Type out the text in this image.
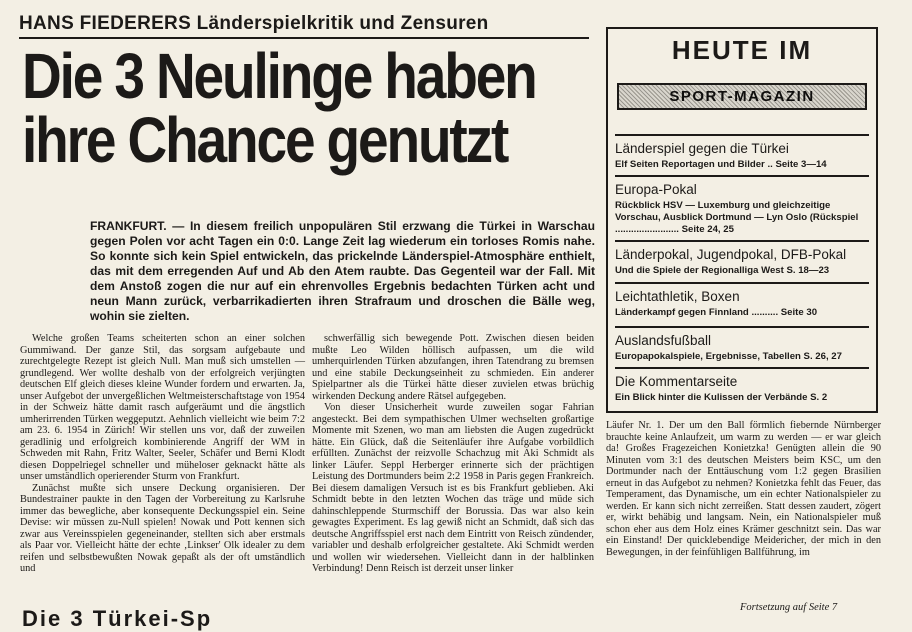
HANS FIEDERERS Länderspielkritik und Zensuren
Die 3 Neulinge haben
ihre Chance genutzt
FRANKFURT. — In diesem freilich unpopulären Stil erzwang die Türkei in Warschau gegen Polen vor acht Tagen ein 0:0. Lange Zeit lag wiederum ein torloses Romis nahe. So konnte sich kein Spiel entwickeln, das prickelnde Länderspiel-Atmosphäre enthielt, das mit dem erregenden Auf und Ab den Atem raubte. Das Gegenteil war der Fall. Mit dem Anstoß zogen die nur auf ein ehrenvolles Ergebnis bedachten Türken acht und neun Mann zurück, verbarrikadierten ihren Strafraum und droschen die Bälle weg, wohin sie zielten.

Welche großen Teams scheiterten schon an einer solchen Gummiwand. Der ganze Stil, das sorgsam aufgebaute und zurechtgelegte Rezept ist gleich Null. Man muß sich umstellen — grundlegend. Wer wollte deshalb von der erfolgreich verjüngten deutschen Elf gleich dieses kleine Wunder fordern und erwarten. Ja, unser Aufgebot der unvergeßlichen Weltmeisterschaftstage von 1954 in der Schweiz hätte damit rasch aufgeräumt und die ängstlich umherirrenden Türken weggeputzt. Aehnlich vielleicht wie beim 7:2 am 23. 6. 1954 in Zürich! Wir stellen uns vor, daß der zuweilen geradlinig und erfolgreich kombinierende Angriff der WM in Schweden mit Rahn, Fritz Walter, Seeler, Schäfer und Berni Klodt diesen Doppelriegel schneller und müheloser geknackt hätte als unser umständlich operierender Sturm von Frankfurt.

Zunächst mußte sich unsere Deckung organisieren. Der Bundestrainer paukte in den Tagen der Vorbereitung zu Karlsruhe immer das bewegliche, aber konsequente Deckungsspiel ein. Seine Devise: wir müssen zu-Null spielen! Nowak und Pott kennen sich zwar aus Vereinsspielen gegeneinander, stellten sich aber erstmals als Paar vor. Vielleicht hätte der echte ‚Linkser' Olk idealer zu dem reifen und selbstbewußten Nowak gepaßt als der oft umständlich und

schwerfällig sich bewegende Pott. Zwischen diesen beiden mußte Leo Wilden höllisch aufpassen, um die wild umherquirlenden Türken abzufangen, ihren Tatendrang zu bremsen und eine stabile Deckungseinheit zu schmieden. Ein anderer Spielpartner als die Türkei hätte dieser zuvielen etwas brüchig wirkenden Deckung andere Rätsel aufgegeben.

Von dieser Unsicherheit wurde zuweilen sogar Fahrian angesteckt. Bei dem sympathischen Ulmer wechselten großartige Momente mit Szenen, wo man am liebsten die Augen zugedrückt hätte. Ein Glück, daß die Seitenläufer ihre Aufgabe vorbildlich erfüllten. Zunächst der reizvolle Schachzug mit Aki Schmidt als linker Läufer. Seppl Herberger erinnerte sich der prächtigen Leistung des Dortmunders beim 2:2 1958 in Paris gegen Frankreich. Bei diesem damaligen Versuch ist es bis Frankfurt geblieben. Aki Schmidt bebte in den letzten Wochen das träge und müde sich dahinschleppende Sturmschiff der Borussia. Das war also kein gewagtes Experiment. Es lag gewiß nicht an Schmidt, daß sich das deutsche Angriffsspiel erst nach dem Eintritt von Reisch zündender, variabler und deshalb erfolgreicher gestaltete. Aki Schmidt werden und wollen wir wiedersehen. Vielleicht dann in der halblinken Verbindung! Denn Reisch ist derzeit unser linker

Läufer Nr. 1. Der um den Ball förmlich fiebernde Nürnberger brauchte keine Anlaufzeit, um warm zu werden — er war gleich da! Großes Fragezeichen Konietzka! Genügten allein die 90 Minuten vom 3:1 des deutschen Meisters beim KSC, um den Dortmunder nach der Enttäuschung vom 1:2 gegen Brasilien erneut in das Aufgebot zu nehmen? Konietzka fehlt das Feuer, das Temperament, das Dynamische, um ein echter Nationalspieler zu werden. Er kann sich nicht zerreißen. Statt dessen zaudert, zögert er, wirkt behäbig und langsam. Nein, ein Nationalspieler muß schon eher aus dem Holz eines Krämer geschnitzt sein. Das war ein Einstand! Der quicklebendige Meidericher, der mich in den Bewegungen, in der feinfühligen Ballführung, im

Fortsetzung auf Seite 7
HEUTE IM
SPORT-MAGAZIN
Länderspiel gegen die Türkei
Elf Seiten Reportagen und Bilder .. Seite 3—14
Europa-Pokal
Rückblick HSV — Luxemburg und gleichzeitige Vorschau, Ausblick Dortmund — Lyn Oslo (Rückspiel ........................ Seite 24, 25
Länderpokal, Jugendpokal, DFB-Pokal
Und die Spiele der Regionalliga West S. 18—23
Leichtathletik, Boxen
Länderkampf gegen Finnland .......... Seite 30
Auslandsfußball
Europapokalspiele, Ergebnisse, Tabellen S. 26, 27
Die Kommentarseite
Ein Blick hinter die Kulissen der Verbände S. 2
Die 3 Türkei-Sp
